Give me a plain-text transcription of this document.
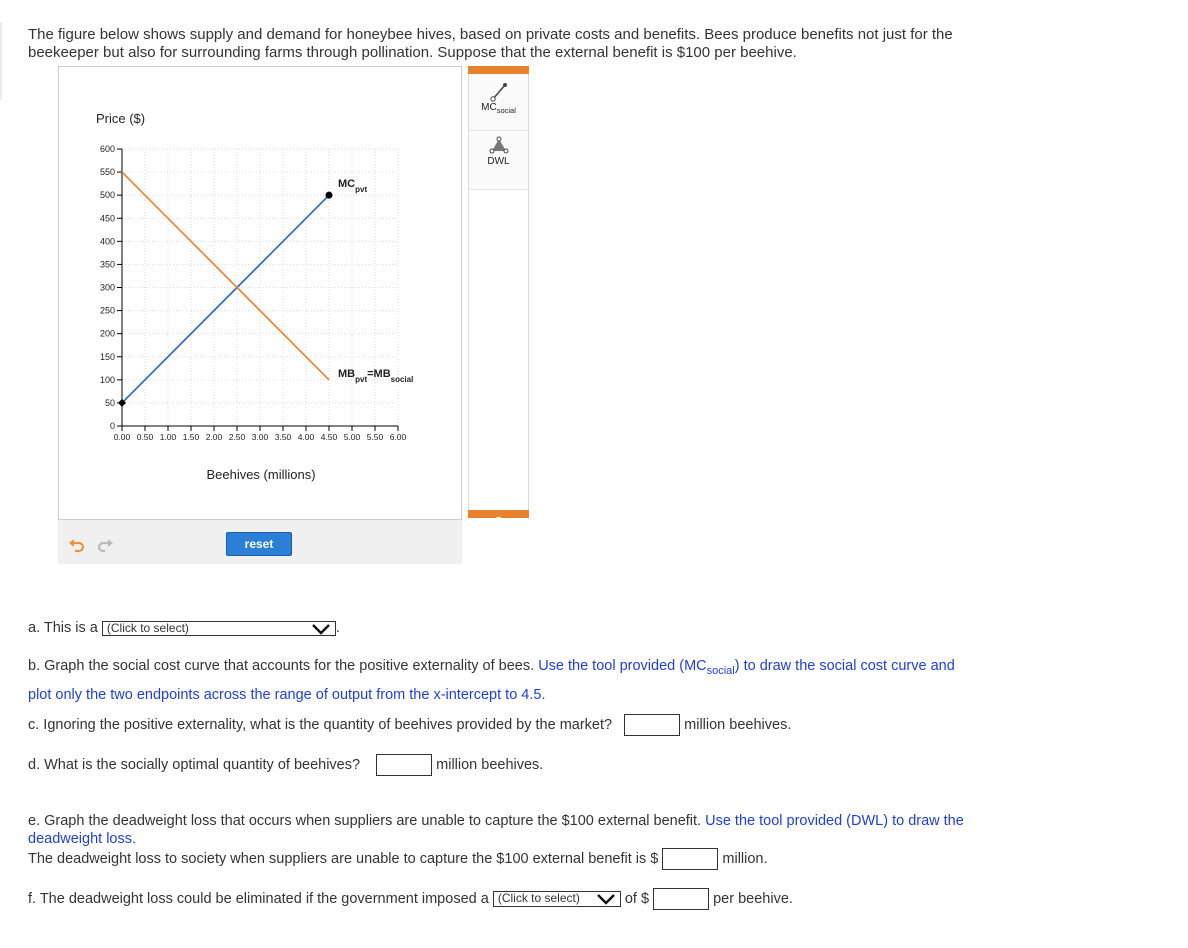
The figure below shows supply and demand for honeybee hives, based on private costs and benefits. Bees produce benefits not just for the beekeeper but also for surrounding farms through pollination. Suppose that the external benefit is $100 per beehive.
Price ($)
Beehives (millions)
0
50
100
150
200
250
300
350
400
450
500
550
600
0.00 0.50 1.00 1.50 2.00 2.50 3.00 3.50 4.00 4.50 5.00 5.50 6.00
$MC_{pvt}$
$MB_{pvt}=MB_{social}$
reset
$MC_{social}$
DWL
a. This is a (Click to select)	.
b. Graph the social cost curve that accounts for the positive externality of bees. Use the tool provided $(MC_{social})$ to draw the social cost curve and plot only the two endpoints across the range of output from the x-intercept to 4.5.
c. Ignoring the positive externality, what is the quantity of beehives provided by the market?	million beehives.
d. What is the socially optimal quantity of beehives?	million beehives.
e. Graph the deadweight loss that occurs when suppliers are unable to capture the $100 external benefit. Use the tool provided (DWL) to draw the deadweight loss.
The deadweight loss to society when suppliers are unable to capture the $100 external benefit is $	million.
f. The deadweight loss could be eliminated if the government imposed a (Click to select)	of $	per beehive.
